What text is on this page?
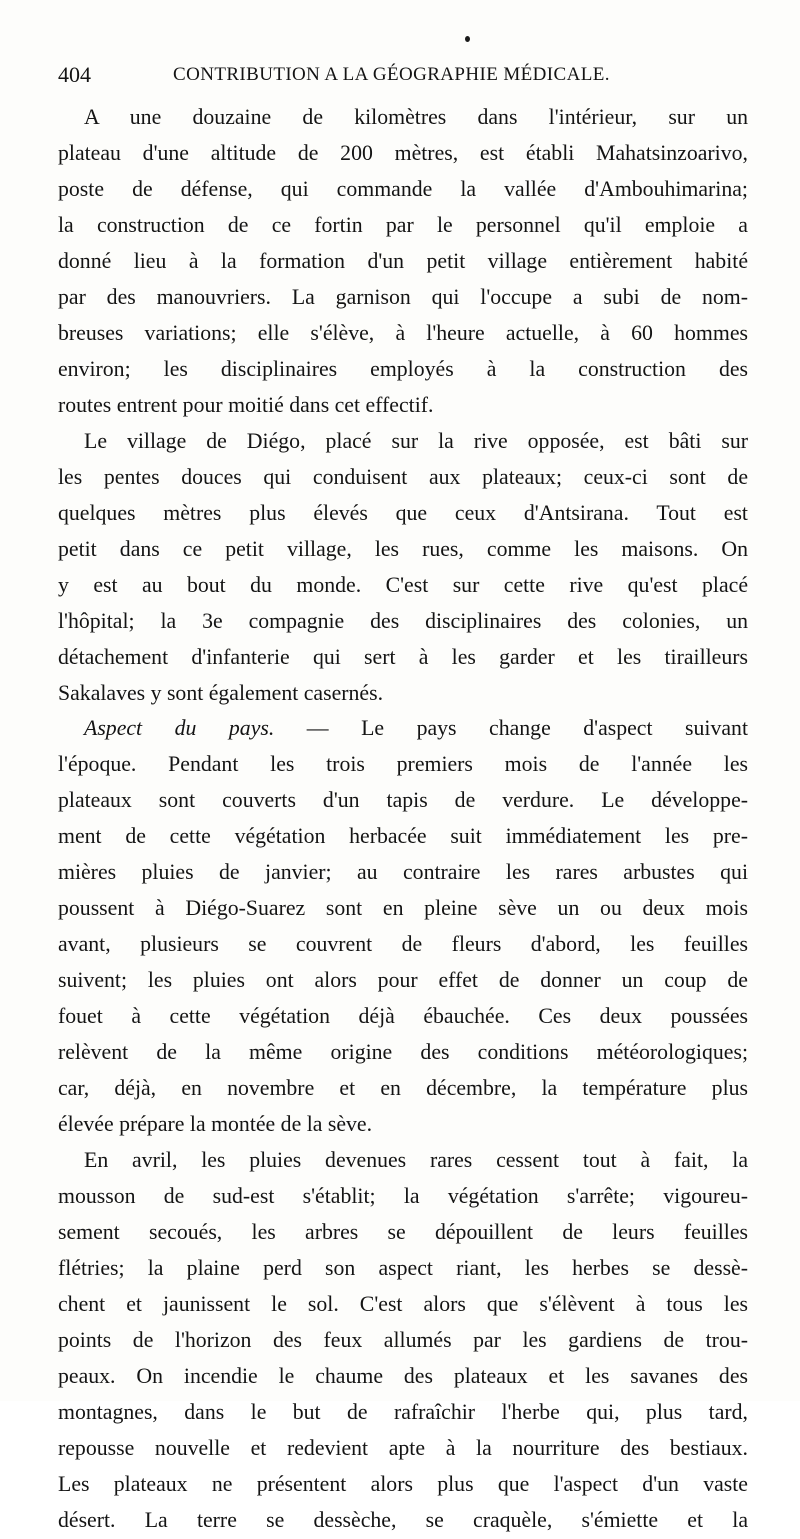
404	CONTRIBUTION A LA GÉOGRAPHIE MÉDICALE.
A une douzaine de kilomètres dans l'intérieur, sur un
plateau d'une altitude de 200 mètres, est établi Mahatsinzoarivo,
poste de défense, qui commande la vallée d'Ambouhimarina;
la construction de ce fortin par le personnel qu'il emploie a
donné lieu à la formation d'un petit village entièrement habité
par des manouvriers. La garnison qui l'occupe a subi de nom-
breuses variations; elle s'élève, à l'heure actuelle, à 60 hommes
environ; les disciplinaires employés à la construction des
routes entrent pour moitié dans cet effectif.
Le village de Diégo, placé sur la rive opposée, est bâti sur
les pentes douces qui conduisent aux plateaux; ceux-ci sont de
quelques mètres plus élevés que ceux d'Antsirana. Tout est
petit dans ce petit village, les rues, comme les maisons. On
y est au bout du monde. C'est sur cette rive qu'est placé
l'hôpital; la 3e compagnie des disciplinaires des colonies, un
détachement d'infanterie qui sert à les garder et les tirailleurs
Sakalaves y sont également casernés.
Aspect du pays. — Le pays change d'aspect suivant
l'époque. Pendant les trois premiers mois de l'année les
plateaux sont couverts d'un tapis de verdure. Le développe-
ment de cette végétation herbacée suit immédiatement les pre-
mières pluies de janvier; au contraire les rares arbustes qui
poussent à Diégo-Suarez sont en pleine sève un ou deux mois
avant, plusieurs se couvrent de fleurs d'abord, les feuilles
suivent; les pluies ont alors pour effet de donner un coup de
fouet à cette végétation déjà ébauchée. Ces deux poussées
relèvent de la même origine des conditions météorologiques;
car, déjà, en novembre et en décembre, la température plus
élevée prépare la montée de la sève.
En avril, les pluies devenues rares cessent tout à fait, la
mousson de sud-est s'établit; la végétation s'arrête; vigoureu-
sement secoués, les arbres se dépouillent de leurs feuilles
flétries; la plaine perd son aspect riant, les herbes se dessè-
chent et jaunissent le sol. C'est alors que s'élèvent à tous les
points de l'horizon des feux allumés par les gardiens de trou-
peaux. On incendie le chaume des plateaux et les savanes des
montagnes, dans le but de rafraîchir l'herbe qui, plus tard,
repousse nouvelle et redevient apte à la nourriture des bestiaux.
Les plateaux ne présentent alors plus que l'aspect d'un vaste
désert. La terre se dessèche, se craquèle, s'émiette et la
